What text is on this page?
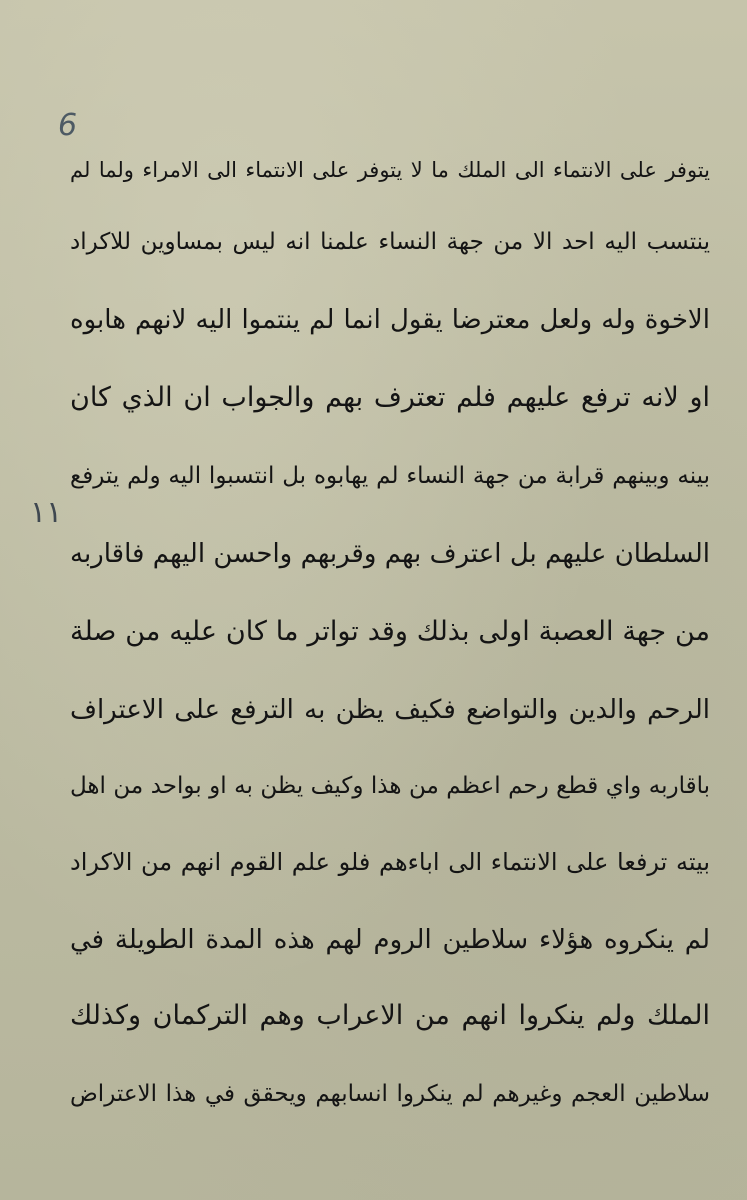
6
١١
يتوفر على الانتماء الى الملك ما لا يتوفر على الانتماء الى الامراء ولما لم
ينتسب اليه احد الا من جهة النساء علمنا انه ليس بمساوين للاكراد
الاخوة وله ولعل معترضا يقول انما لم ينتموا اليه لانهم هابوه
او لانه ترفع عليهم فلم تعترف بهم والجواب ان الذي كان
بينه وبينهم قرابة من جهة النساء لم يهابوه بل انتسبوا اليه ولم يترفع
السلطان عليهم بل اعترف بهم وقربهم واحسن اليهم فاقاربه
من جهة العصبة اولى بذلك وقد تواتر ما كان عليه من صلة
الرحم والدين والتواضع فكيف يظن به الترفع على الاعتراف
باقاربه واي قطع رحم اعظم من هذا وكيف يظن به او بواحد من اهل
بيته ترفعا على الانتماء الى اباءهم فلو علم القوم انهم من الاكراد
لم ينكروه هؤلاء سلاطين الروم لهم هذه المدة الطويلة في
الملك ولم ينكروا انهم من الاعراب وهم التركمان وكذلك
سلاطين العجم وغيرهم لم ينكروا انسابهم ويحقق في هذا الاعتراض
